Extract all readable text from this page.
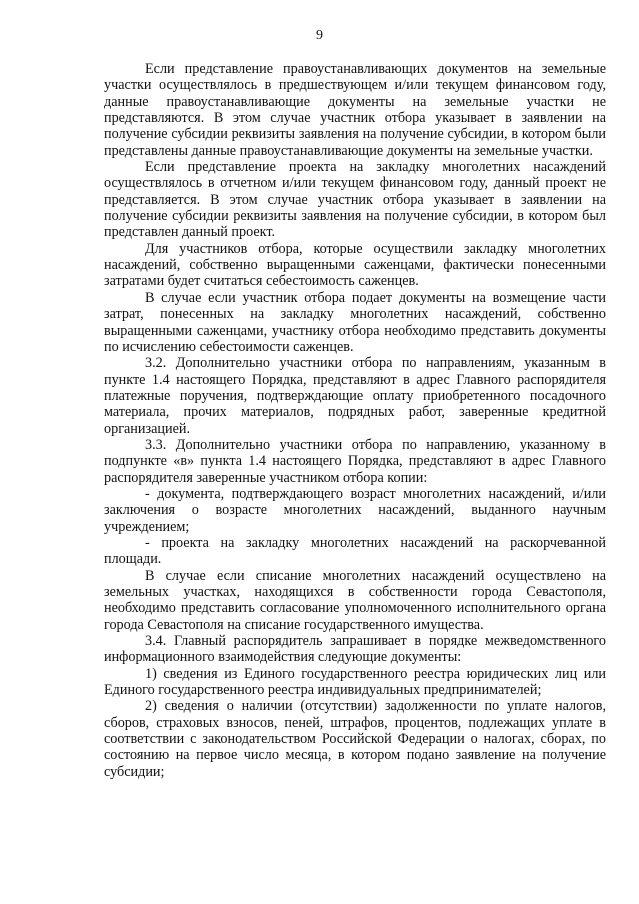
9

Если представление правоустанавливающих документов на земельные участки осуществлялось в предшествующем и/или текущем финансовом году, данные правоустанавливающие документы на земельные участки не представляются. В этом случае участник отбора указывает в заявлении на получение субсидии реквизиты заявления на получение субсидии, в котором были представлены данные правоустанавливающие документы на земельные участки.

Если представление проекта на закладку многолетних насаждений осуществлялось в отчетном и/или текущем финансовом году, данный проект не представляется. В этом случае участник отбора указывает в заявлении на получение субсидии реквизиты заявления на получение субсидии, в котором был представлен данный проект.

Для участников отбора, которые осуществили закладку многолетних насаждений, собственно выращенными саженцами, фактически понесенными затратами будет считаться себестоимость саженцев.

В случае если участник отбора подает документы на возмещение части затрат, понесенных на закладку многолетних насаждений, собственно выращенными саженцами, участнику отбора необходимо представить документы по исчислению себестоимости саженцев.

3.2. Дополнительно участники отбора по направлениям, указанным в пункте 1.4 настоящего Порядка, представляют в адрес Главного распорядителя платежные поручения, подтверждающие оплату приобретенного посадочного материала, прочих материалов, подрядных работ, заверенные кредитной организацией.

3.3. Дополнительно участники отбора по направлению, указанному в подпункте «в» пункта 1.4 настоящего Порядка, представляют в адрес Главного распорядителя заверенные участником отбора копии:

- документа, подтверждающего возраст многолетних насаждений, и/или заключения о возрасте многолетних насаждений, выданного научным учреждением;

- проекта на закладку многолетних насаждений на раскорчеванной площади.

В случае если списание многолетних насаждений осуществлено на земельных участках, находящихся в собственности города Севастополя, необходимо представить согласование уполномоченного исполнительного органа города Севастополя на списание государственного имущества.

3.4. Главный распорядитель запрашивает в порядке межведомственного информационного взаимодействия следующие документы:

1) сведения из Единого государственного реестра юридических лиц или Единого государственного реестра индивидуальных предпринимателей;

2) сведения о наличии (отсутствии) задолженности по уплате налогов, сборов, страховых взносов, пеней, штрафов, процентов, подлежащих уплате в соответствии с законодательством Российской Федерации о налогах, сборах, по состоянию на первое число месяца, в котором подано заявление на получение субсидии;
